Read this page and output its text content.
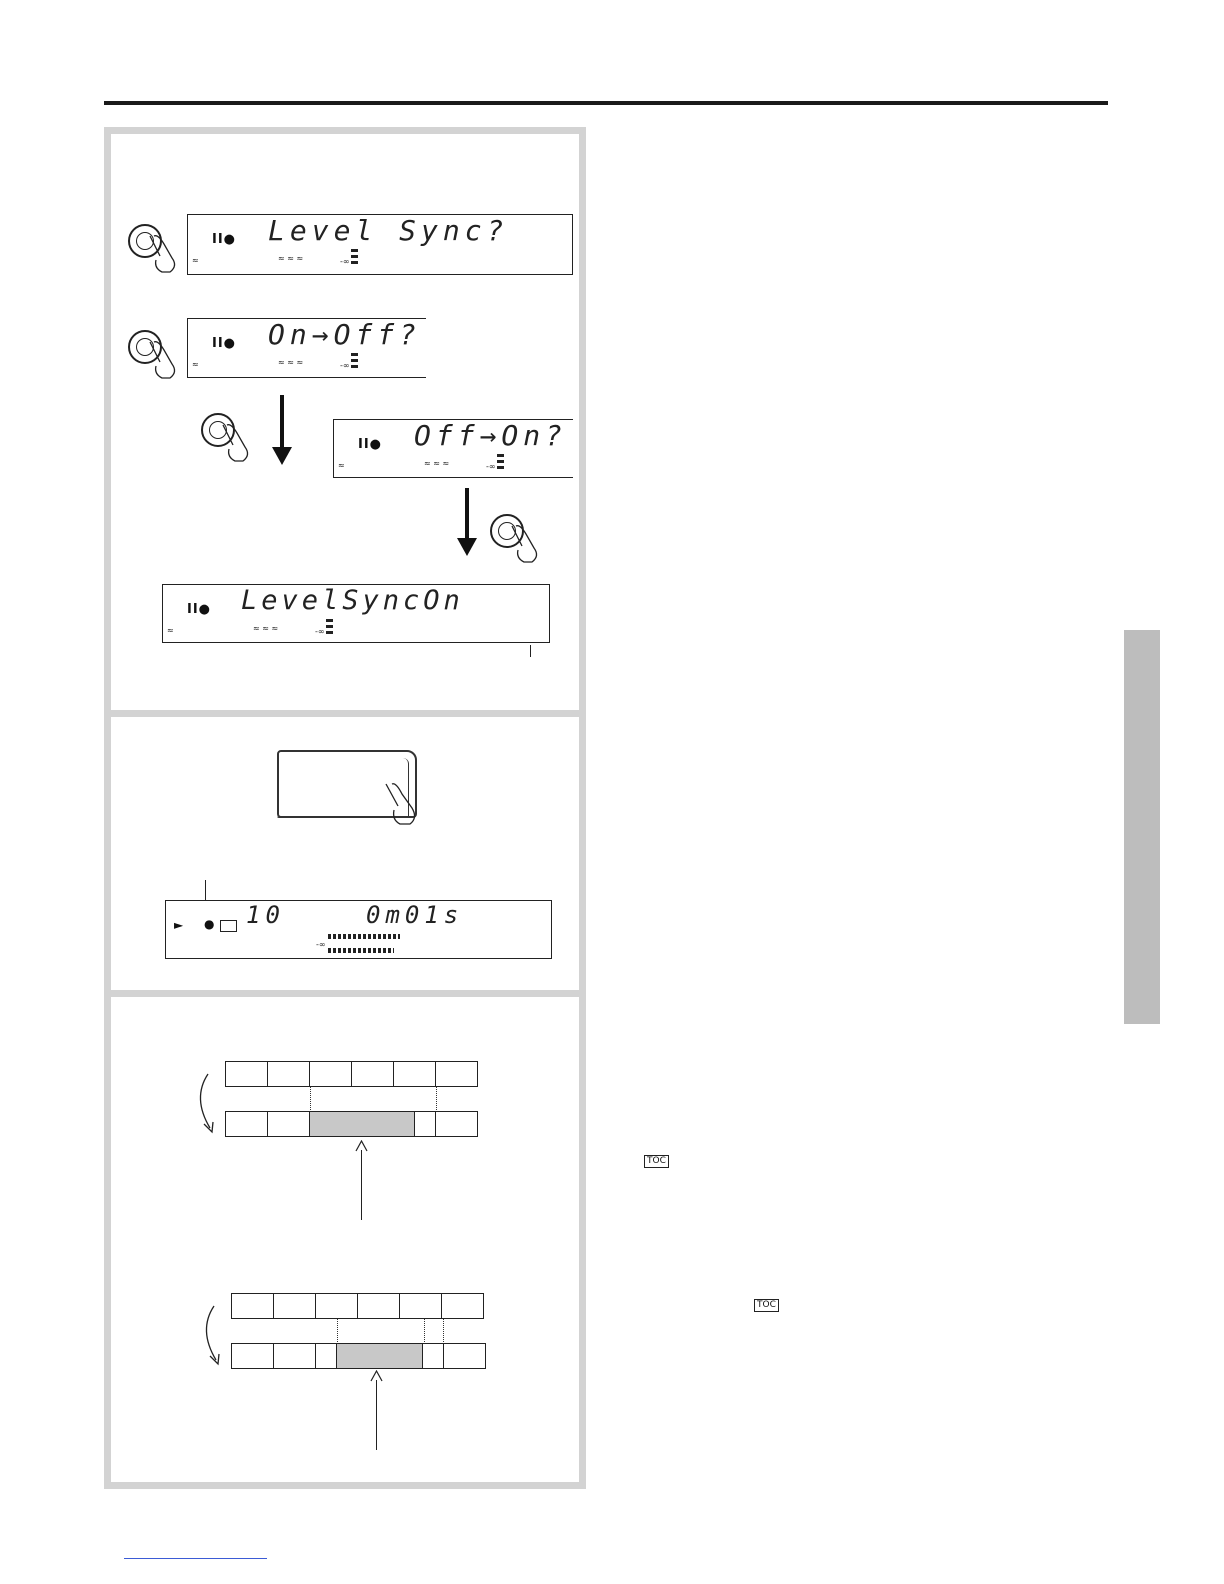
II● Level Sync?
≈	≈ ≈ ≈	-∞
II● On→Off?
≈	≈ ≈ ≈	-∞
II● Off→On?
≈	≈ ≈ ≈	-∞
II● LevelSyncOn
≈	≈ ≈ ≈	-∞
► ● 10	0m01s
-∞
TOC
TOC
